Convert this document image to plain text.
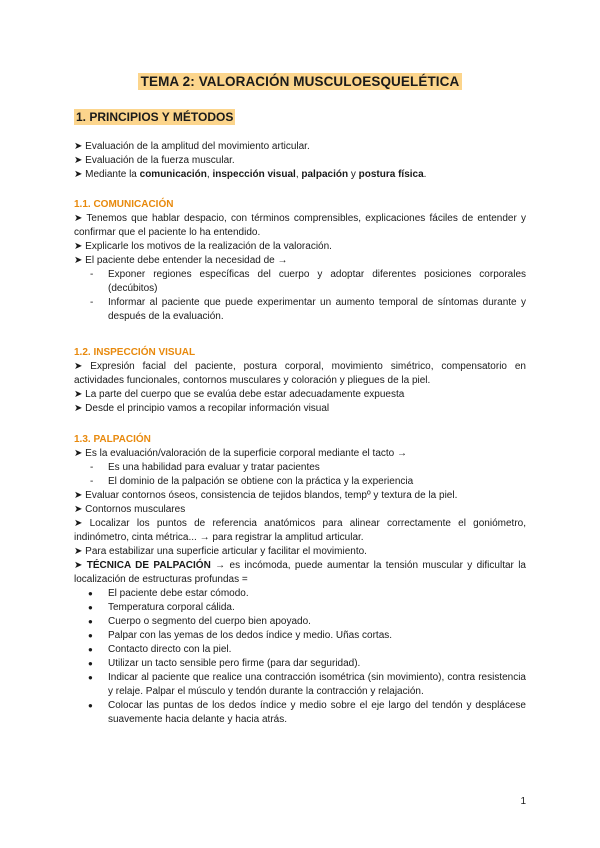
TEMA 2: VALORACIÓN MUSCULOESQUELÉTICA
1. PRINCIPIOS Y MÉTODOS

➤ Evaluación de la amplitud del movimiento articular.

➤ Evaluación de la fuerza muscular.

➤ Mediante la comunicación, inspección visual, palpación y postura física.

1.1. COMUNICACIÓN

➤ Tenemos que hablar despacio, con términos comprensibles, explicaciones fáciles de entender y confirmar que el paciente lo ha entendido.

➤ Explicarle los motivos de la realización de la valoración.

➤ El paciente debe entender la necesidad de →

- Exponer regiones específicas del cuerpo y adoptar diferentes posiciones corporales (decúbitos)

- Informar al paciente que puede experimentar un aumento temporal de síntomas durante y después de la evaluación.

1.2. INSPECCIÓN VISUAL

➤ Expresión facial del paciente, postura corporal, movimiento simétrico, compensatorio en actividades funcionales, contornos musculares y coloración y pliegues de la piel.

➤ La parte del cuerpo que se evalúa debe estar adecuadamente expuesta

➤ Desde el principio vamos a recopilar información visual

1.3. PALPACIÓN

➤ Es la evaluación/valoración de la superficie corporal mediante el tacto →

- Es una habilidad para evaluar y tratar pacientes

- El dominio de la palpación se obtiene con la práctica y la experiencia

➤ Evaluar contornos óseos, consistencia de tejidos blandos, tempº y textura de la piel.

➤ Contornos musculares

➤ Localizar los puntos de referencia anatómicos para alinear correctamente el goniómetro, indinómetro, cinta métrica... → para registrar la amplitud articular.

➤ Para estabilizar una superficie articular y facilitar el movimiento.

➤ TÉCNICA DE PALPACIÓN → es incómoda, puede aumentar la tensión muscular y dificultar la localización de estructuras profundas =

● El paciente debe estar cómodo.

● Temperatura corporal cálida.

● Cuerpo o segmento del cuerpo bien apoyado.

● Palpar con las yemas de los dedos índice y medio. Uñas cortas.

● Contacto directo con la piel.

● Utilizar un tacto sensible pero firme (para dar seguridad).

● Indicar al paciente que realice una contracción isométrica (sin movimiento), contra resistencia y relaje. Palpar el músculo y tendón durante la contracción y relajación.

● Colocar las puntas de los dedos índice y medio sobre el eje largo del tendón y desplácese suavemente hacia delante y hacia atrás.

1
